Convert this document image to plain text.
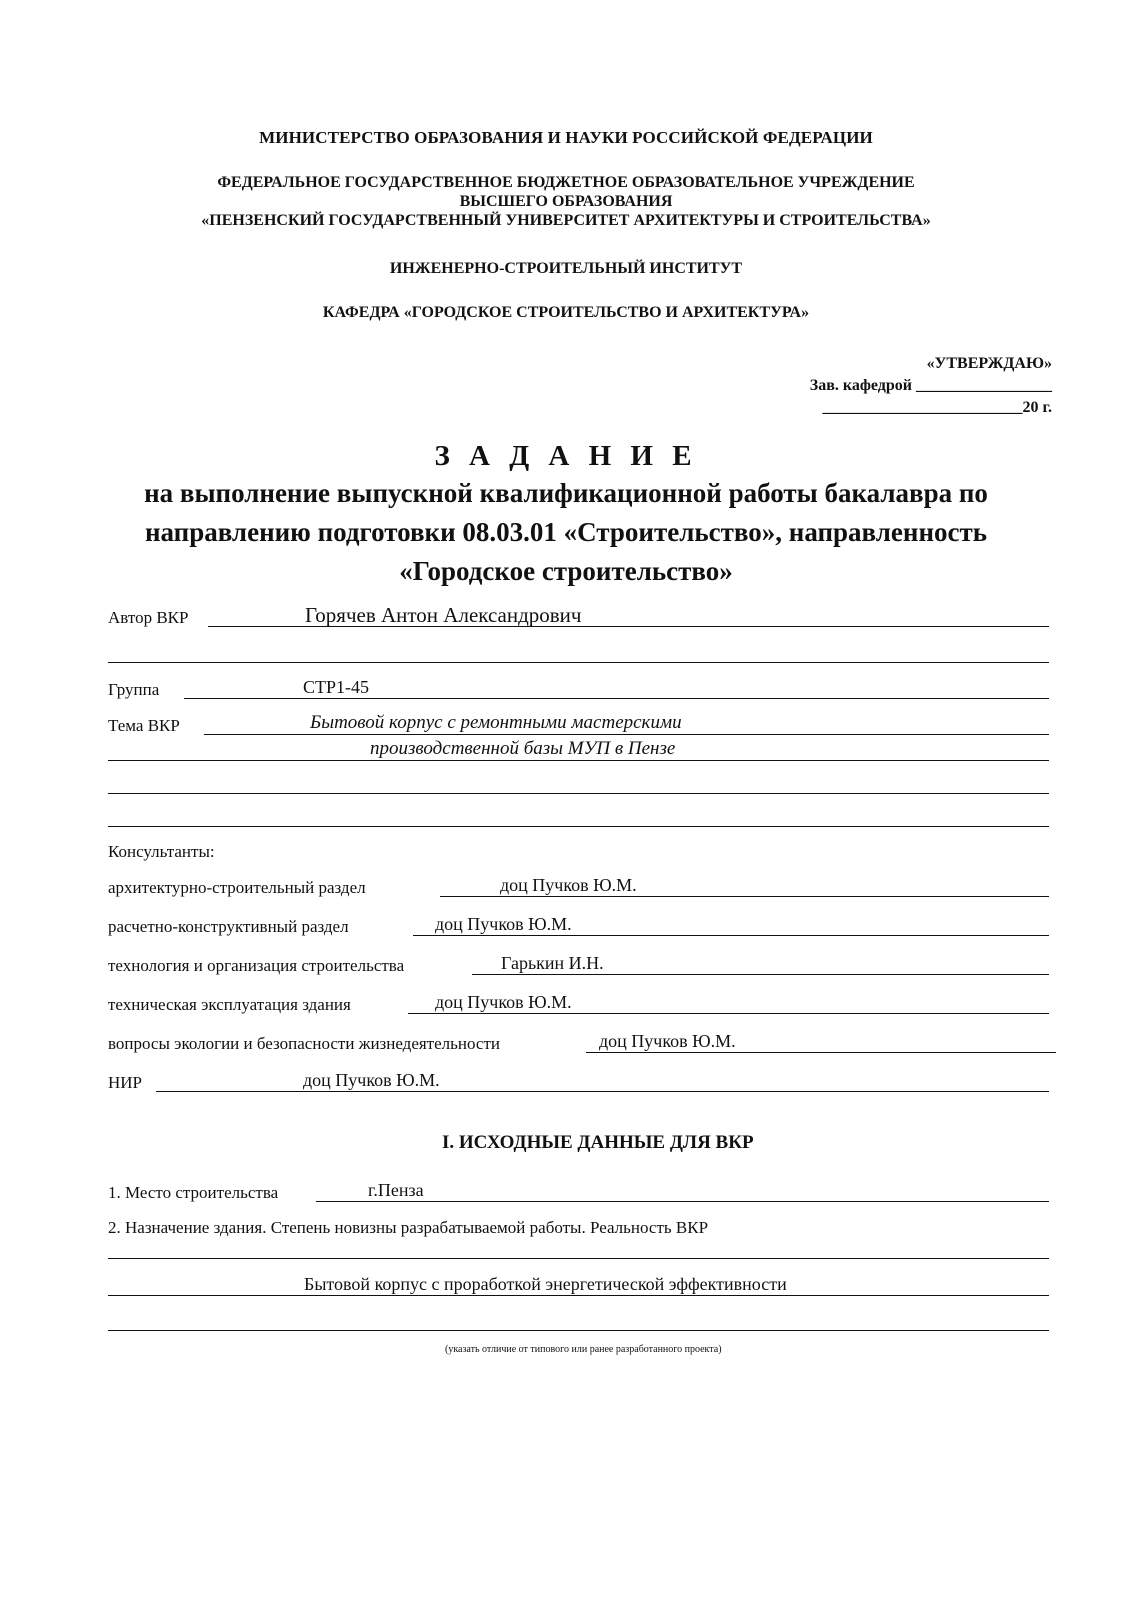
МИНИСТЕРСТВО ОБРАЗОВАНИЯ И НАУКИ РОССИЙСКОЙ ФЕДЕРАЦИИ
ФЕДЕРАЛЬНОЕ ГОСУДАРСТВЕННОЕ БЮДЖЕТНОЕ ОБРАЗОВАТЕЛЬНОЕ УЧРЕЖДЕНИЕ
ВЫСШЕГО ОБРАЗОВАНИЯ
«ПЕНЗЕНСКИЙ ГОСУДАРСТВЕННЫЙ УНИВЕРСИТЕТ АРХИТЕКТУРЫ И СТРОИТЕЛЬСТВА»
ИНЖЕНЕРНО-СТРОИТЕЛЬНЫЙ ИНСТИТУТ
КАФЕДРА «ГОРОДСКОЕ СТРОИТЕЛЬСТВО И АРХИТЕКТУРА»
«УТВЕРЖДАЮ»
Зав. кафедрой _________________
_________________________20 г.
З А Д А Н И Е
на выполнение выпускной квалификационной работы бакалавра по
направлению подготовки 08.03.01 «Строительство», направленность
«Городское строительство»
Автор ВКР	Горячев Антон Александрович
Группа	СТР1-45
Тема ВКР	Бытовой корпус с ремонтными мастерскими
производственной базы МУП в Пензе
Консультанты:
архитектурно-строительный раздел	доц Пучков Ю.М.
расчетно-конструктивный раздел	доц Пучков Ю.М.
технология и организация строительства	Гарькин И.Н.
техническая эксплуатация здания	доц Пучков Ю.М.
вопросы экологии и безопасности жизнедеятельности	доц Пучков Ю.М.
НИР	доц Пучков Ю.М.
I. ИСХОДНЫЕ ДАННЫЕ ДЛЯ ВКР
1. Место строительства	г.Пенза
2. Назначение здания. Степень новизны разрабатываемой работы. Реальность ВКР
Бытовой корпус с проработкой энергетической эффективности
(указать отличие от типового или ранее разработанного проекта)
